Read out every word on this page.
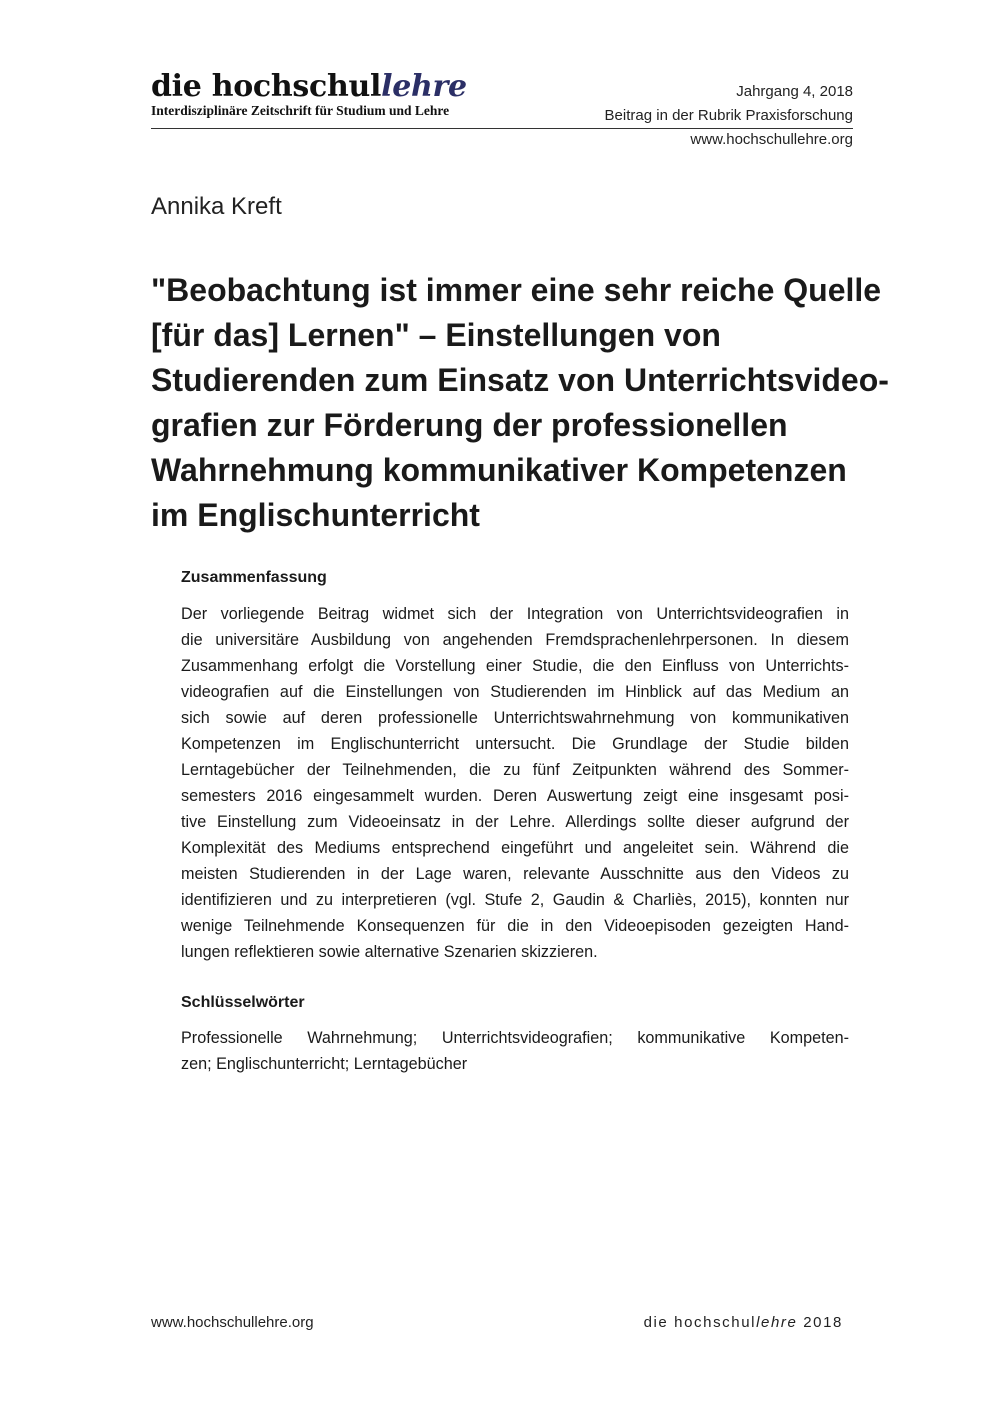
die hochschullehre
Interdisziplinäre Zeitschrift für Studium und Lehre
Jahrgang 4, 2018
Beitrag in der Rubrik Praxisforschung
www.hochschullehre.org
Annika Kreft
"Beobachtung ist immer eine sehr reiche Quelle
[für das] Lernen" – Einstellungen von
Studierenden zum Einsatz von Unterrichtsvideo-
grafien zur Förderung der professionellen
Wahrnehmung kommunikativer Kompetenzen
im Englischunterricht
Zusammenfassung
Der vorliegende Beitrag widmet sich der Integration von Unterrichtsvideografien in
die universitäre Ausbildung von angehenden Fremdsprachenlehrpersonen. In diesem
Zusammenhang erfolgt die Vorstellung einer Studie, die den Einfluss von Unterrichts-
videografien auf die Einstellungen von Studierenden im Hinblick auf das Medium an
sich sowie auf deren professionelle Unterrichtswahrnehmung von kommunikativen
Kompetenzen im Englischunterricht untersucht. Die Grundlage der Studie bilden
Lerntagebücher der Teilnehmenden, die zu fünf Zeitpunkten während des Sommer-
semesters 2016 eingesammelt wurden. Deren Auswertung zeigt eine insgesamt posi-
tive Einstellung zum Videoeinsatz in der Lehre. Allerdings sollte dieser aufgrund der
Komplexität des Mediums entsprechend eingeführt und angeleitet sein. Während die
meisten Studierenden in der Lage waren, relevante Ausschnitte aus den Videos zu
identifizieren und zu interpretieren (vgl. Stufe 2, Gaudin & Charliès, 2015), konnten nur
wenige Teilnehmende Konsequenzen für die in den Videoepisoden gezeigten Hand-
lungen reflektieren sowie alternative Szenarien skizzieren.
Schlüsselwörter
Professionelle Wahrnehmung; Unterrichtsvideografien; kommunikative Kompeten-
zen; Englischunterricht; Lerntagebücher
www.hochschullehre.org	die hochschullehre 2018
